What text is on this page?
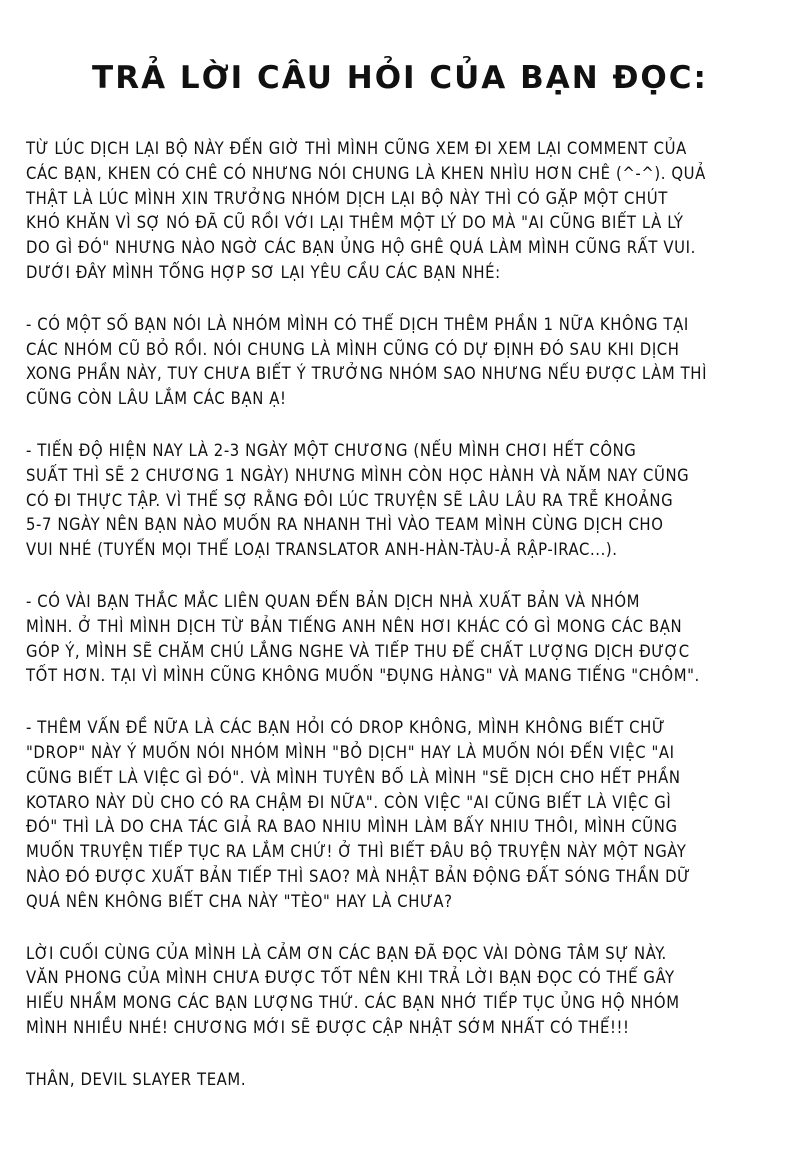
TRẢ LỜI CÂU HỎI CỦA BẠN ĐỌC:
TỪ LÚC DỊCH LẠI BỘ NÀY ĐẾN GIỜ THÌ MÌNH CŨNG XEM ĐI XEM LẠI COMMENT CỦA
CÁC BẠN, KHEN CÓ CHÊ CÓ NHƯNG NÓI CHUNG LÀ KHEN NHÌU HƠN CHÊ (^-^). QUẢ
THẬT LÀ LÚC MÌNH XIN TRƯỞNG NHÓM DỊCH LẠI BỘ NÀY THÌ CÓ GẶP MỘT CHÚT
KHÓ KHĂN VÌ SỢ NÓ ĐÃ CŨ RỒI VỚI LẠI THÊM MỘT LÝ DO MÀ "AI CŨNG BIẾT LÀ LÝ
DO GÌ ĐÓ" NHƯNG NÀO NGỜ CÁC BẠN ỦNG HỘ GHÊ QUÁ LÀM MÌNH CŨNG RẤT VUI.
DƯỚI ĐÂY MÌNH TỔNG HỢP SƠ LẠI YÊU CẦU CÁC BẠN NHÉ:
- CÓ MỘT SỐ BẠN NÓI LÀ NHÓM MÌNH CÓ THỂ DỊCH THÊM PHẦN 1 NỮA KHÔNG TẠI
CÁC NHÓM CŨ BỎ RỒI. NÓI CHUNG LÀ MÌNH CŨNG CÓ DỰ ĐỊNH ĐÓ SAU KHI DỊCH
XONG PHẦN NÀY, TUY CHƯA BIẾT Ý TRƯỞNG NHÓM SAO NHƯNG NẾU ĐƯỢC LÀM THÌ
CŨNG CÒN LÂU LẮM CÁC BẠN Ạ!
- TIẾN ĐỘ HIỆN NAY LÀ 2-3 NGÀY MỘT CHƯƠNG (NẾU MÌNH CHƠI HẾT CÔNG
SUẤT THÌ SẼ 2 CHƯƠNG 1 NGÀY) NHƯNG MÌNH CÒN HỌC HÀNH VÀ NĂM NAY CŨNG
CÓ ĐI THỰC TẬP. VÌ THẾ SỢ RẰNG ĐÔI LÚC TRUYỆN SẼ LÂU LÂU RA TRỄ KHOẢNG
5-7 NGÀY NÊN BẠN NÀO MUỐN RA NHANH THÌ VÀO TEAM MÌNH CÙNG DỊCH CHO
VUI NHÉ (TUYỂN MỌI THỂ LOẠI TRANSLATOR ANH-HÀN-TÀU-Ả RẬP-IRAC...).
- CÓ VÀI BẠN THẮC MẮC LIÊN QUAN ĐẾN BẢN DỊCH NHÀ XUẤT BẢN VÀ NHÓM
MÌNH. Ở THÌ MÌNH DỊCH TỪ BẢN TIẾNG ANH NÊN HƠI KHÁC CÓ GÌ MONG CÁC BẠN
GÓP Ý, MÌNH SẼ CHĂM CHÚ LẮNG NGHE VÀ TIẾP THU ĐỂ CHẤT LƯỢNG DỊCH ĐƯỢC
TỐT HƠN. TẠI VÌ MÌNH CŨNG KHÔNG MUỐN "ĐỤNG HÀNG" VÀ MANG TIẾNG "CHÔM".
- THÊM VẤN ĐỀ NỮA LÀ CÁC BẠN HỎI CÓ DROP KHÔNG, MÌNH KHÔNG BIẾT CHỮ
"DROP" NÀY Ý MUỐN NÓI NHÓM MÌNH "BỎ DỊCH" HAY LÀ MUỐN NÓI ĐẾN VIỆC "AI
CŨNG BIẾT LÀ VIỆC GÌ ĐÓ". VÀ MÌNH TUYÊN BỐ LÀ MÌNH "SẼ DỊCH CHO HẾT PHẦN
KOTARO NÀY DÙ CHO CÓ RA CHẬM ĐI NỮA". CÒN VIỆC "AI CŨNG BIẾT LÀ VIỆC GÌ
ĐÓ" THÌ LÀ DO CHA TÁC GIẢ RA BAO NHIU MÌNH LÀM BẤY NHIU THÔI, MÌNH CŨNG
MUỐN TRUYỆN TIẾP TỤC RA LẮM CHỨ! Ở THÌ BIẾT ĐÂU BỘ TRUYỆN NÀY MỘT NGÀY
NÀO ĐÓ ĐƯỢC XUẤT BẢN TIẾP THÌ SAO? MÀ NHẬT BẢN ĐỘNG ĐẤT SÓNG THẦN DỮ
QUÁ NÊN KHÔNG BIẾT CHA NÀY "TÈO" HAY LÀ CHƯA?
LỜI CUỐI CÙNG CỦA MÌNH LÀ CẢM ƠN CÁC BẠN ĐÃ ĐỌC VÀI DÒNG TÂM SỰ NÀY.
VĂN PHONG CỦA MÌNH CHƯA ĐƯỢC TỐT NÊN KHI TRẢ LỜI BẠN ĐỌC CÓ THỂ GÂY
HIỂU NHẦM MONG CÁC BẠN LƯỢNG THỨ. CÁC BẠN NHỚ TIẾP TỤC ỦNG HỘ NHÓM
MÌNH NHIỀU NHÉ! CHƯƠNG MỚI SẼ ĐƯỢC CẬP NHẬT SỚM NHẤT CÓ THỂ!!!
THÂN, DEVIL SLAYER TEAM.
